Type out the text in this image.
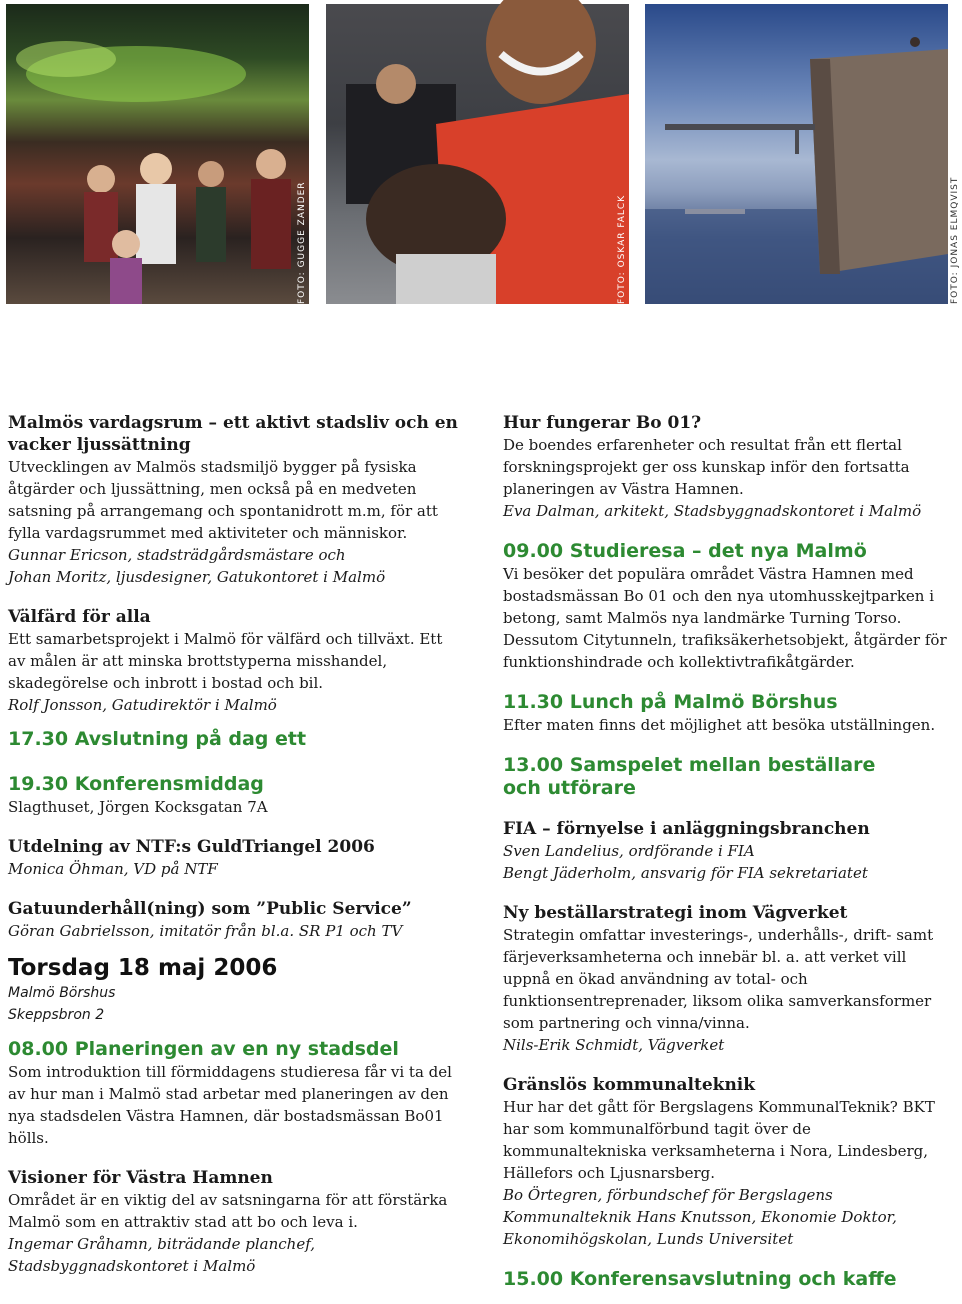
FOTO: GUGGE ZANDER	FOTO: OSKAR FALCK	FOTO: JONAS ELMQVIST

Malmös vardagsrum – ett aktivt stadsliv och en vacker ljussättning

Utvecklingen av Malmös stadsmiljö bygger på fysiska åtgärder och ljussättning, men också på en medveten satsning på arrangemang och spontanidrott m.m, för att fylla vardagsrummet med aktiviteter och människor.

Gunnar Ericson, stadsträdgårdsmästare och

Johan Moritz, ljusdesigner, Gatukontoret i Malmö

Välfärd för alla

Ett samarbetsprojekt i Malmö för välfärd och tillväxt. Ett av målen är att minska brottstyperna misshandel, skadegörelse och inbrott i bostad och bil.

Rolf Jonsson, Gatudirektör i Malmö

17.30 Avslutning på dag ett

19.30 Konferensmiddag

Slagthuset, Jörgen Kocksgatan 7A

Utdelning av NTF:s GuldTriangel 2006

Monica Öhman, VD på NTF

Gatuunderhåll(ning) som ”Public Service”

Göran Gabrielsson, imitatör från bl.a. SR P1 och TV

Torsdag 18 maj 2006

Malmö Börshus

Skeppsbron 2

08.00 Planeringen av en ny stadsdel

Som introduktion till förmiddagens studieresa får vi ta del av hur man i Malmö stad arbetar med planeringen av den nya stadsdelen Västra Hamnen, där bostadsmässan Bo01 hölls.

Visioner för Västra Hamnen

Området är en viktig del av satsningarna för att förstärka Malmö som en attraktiv stad att bo och leva i.

Ingemar Gråhamn, biträdande planchef,

Stadsbyggnadskontoret i Malmö

Hur fungerar Bo 01?

De boendes erfarenheter och resultat från ett flertal forskningsprojekt ger oss kunskap inför den fortsatta planeringen av Västra Hamnen.

Eva Dalman, arkitekt, Stadsbyggnadskontoret i Malmö

09.00 Studieresa – det nya Malmö

Vi besöker det populära området Västra Hamnen med bostadsmässan Bo 01 och den nya utomhusskejtparken i betong, samt Malmös nya landmärke Turning Torso. Dessutom Citytunneln, trafiksäkerhetsobjekt, åtgärder för funktionshindrade och kollektivtrafikåtgärder.

11.30 Lunch på Malmö Börshus

Efter maten finns det möjlighet att besöka utställningen.

13.00 Samspelet mellan beställare

och utförare

FIA – förnyelse i anläggningsbranchen

Sven Landelius, ordförande i FIA

Bengt Jäderholm, ansvarig för FIA sekretariatet

Ny beställarstrategi inom Vägverket

Strategin omfattar investerings-, underhålls-, drift- samt färjeverksamheterna och innebär bl. a. att verket vill uppnå en ökad användning av total- och funktionsentreprenader, liksom olika samverkansformer som partnering och vinna/vinna.

Nils-Erik Schmidt, Vägverket

Gränslös kommunalteknik

Hur har det gått för Bergslagens KommunalTeknik? BKT har som kommunalförbund tagit över de kommunaltekniska verksamheterna i Nora, Lindesberg, Hällefors och Ljusnarsberg.

Bo Örtegren, förbundschef för Bergslagens Kommunalteknik Hans Knutsson, Ekonomie Doktor, Ekonomihögskolan, Lunds Universitet

15.00 Konferensavslutning och kaffe
